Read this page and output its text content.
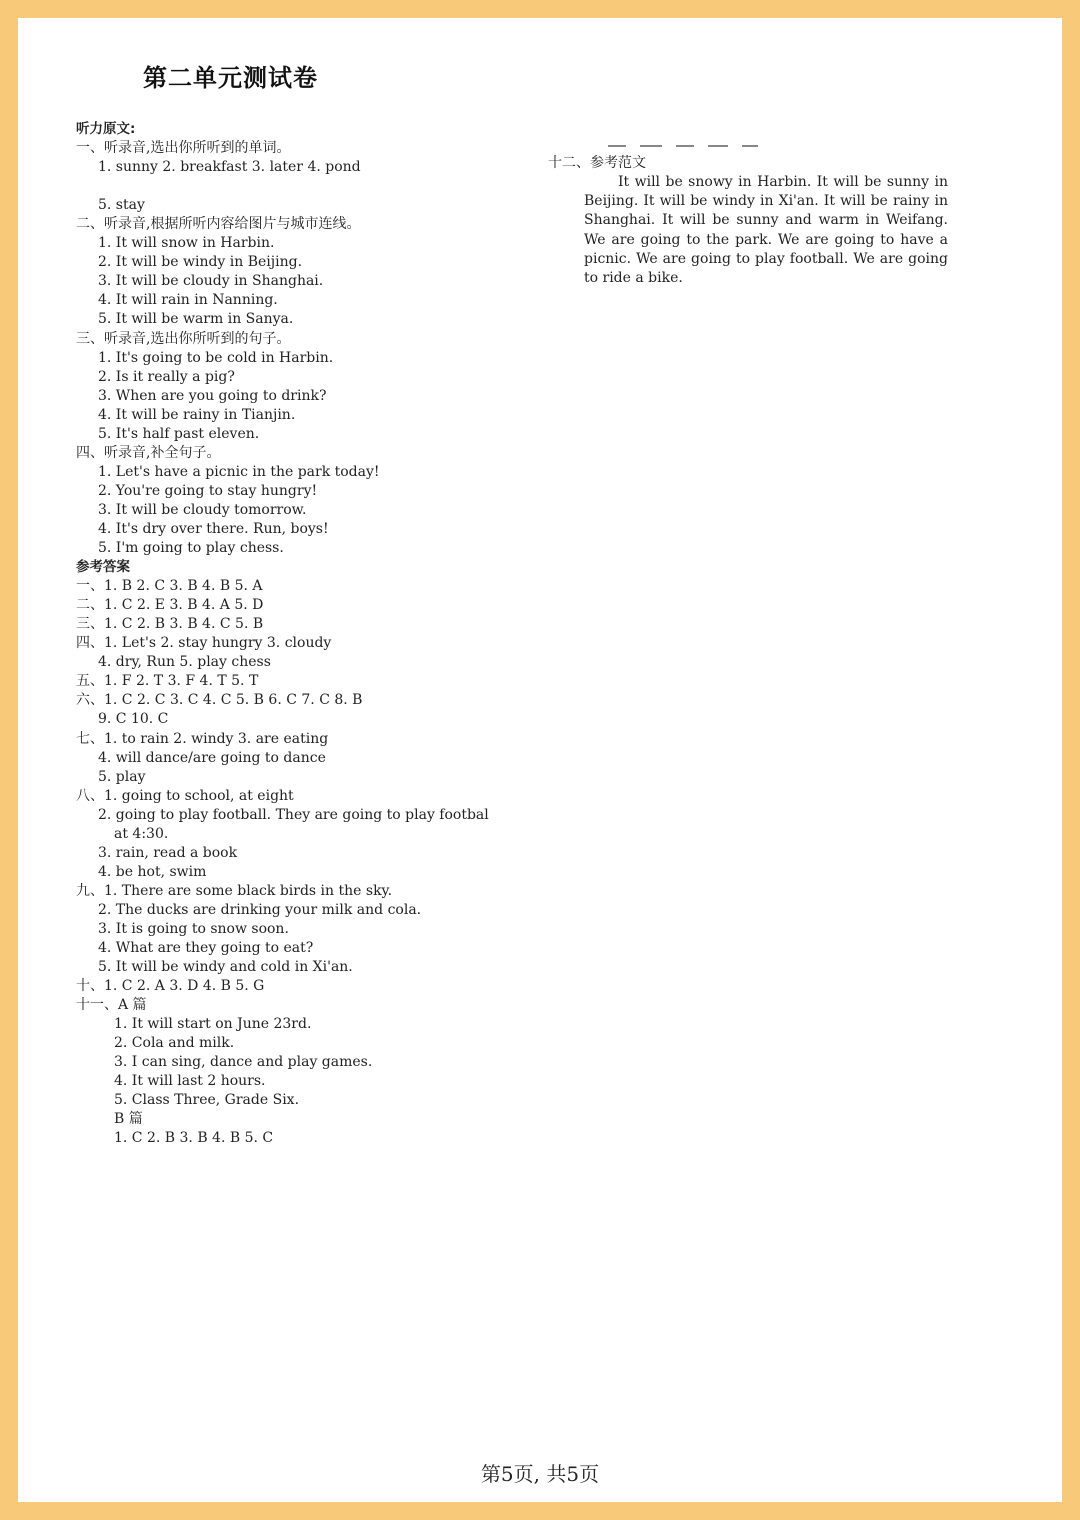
第二单元测试卷
听力原文:
一、听录音,选出你所听到的单词。
1. sunny 2. breakfast 3. later 4. pond
5. stay
二、听录音,根据所听内容给图片与城市连线。
1. It will snow in Harbin.
2. It will be windy in Beijing.
3. It will be cloudy in Shanghai.
4. It will rain in Nanning.
5. It will be warm in Sanya.
三、听录音,选出你所听到的句子。
1. It's going to be cold in Harbin.
2. Is it really a pig?
3. When are you going to drink?
4. It will be rainy in Tianjin.
5. It's half past eleven.
四、听录音,补全句子。
1. Let's have a picnic in the park today!
2. You're going to stay hungry!
3. It will be cloudy tomorrow.
4. It's dry over there. Run, boys!
5. I'm going to play chess.
参考答案
一、1. B 2. C 3. B 4. B 5. A
二、1. C 2. E 3. B 4. A 5. D
三、1. C 2. B 3. B 4. C 5. B
四、1. Let's 2. stay hungry 3. cloudy
4. dry, Run 5. play chess
五、1. F 2. T 3. F 4. T 5. T
六、1. C 2. C 3. C 4. C 5. B 6. C 7. C 8. B
9. C 10. C
七、1. to rain 2. windy 3. are eating
4. will dance/are going to dance
5. play
八、1. going to school, at eight
2. going to play football. They are going to play footbal
at 4:30.
3. rain, read a book
4. be hot, swim
九、1. There are some black birds in the sky.
2. The ducks are drinking your milk and cola.
3. It is going to snow soon.
4. What are they going to eat?
5. It will be windy and cold in Xi'an.
十、1. C 2. A 3. D 4. B 5. G
十一、A 篇
1. It will start on June 23rd.
2. Cola and milk.
3. I can sing, dance and play games.
4. It will last 2 hours.
5. Class Three, Grade Six.
B 篇
1. C 2. B 3. B 4. B 5. C
十二、参考范文
It will be snowy in Harbin. It will be sunny in Beijing. It will be windy in Xi'an. It will be rainy in Shanghai. It will be sunny and warm in Weifang. We are going to the park. We are going to have a picnic. We are going to play football. We are going to ride a bike.
第5页, 共5页
